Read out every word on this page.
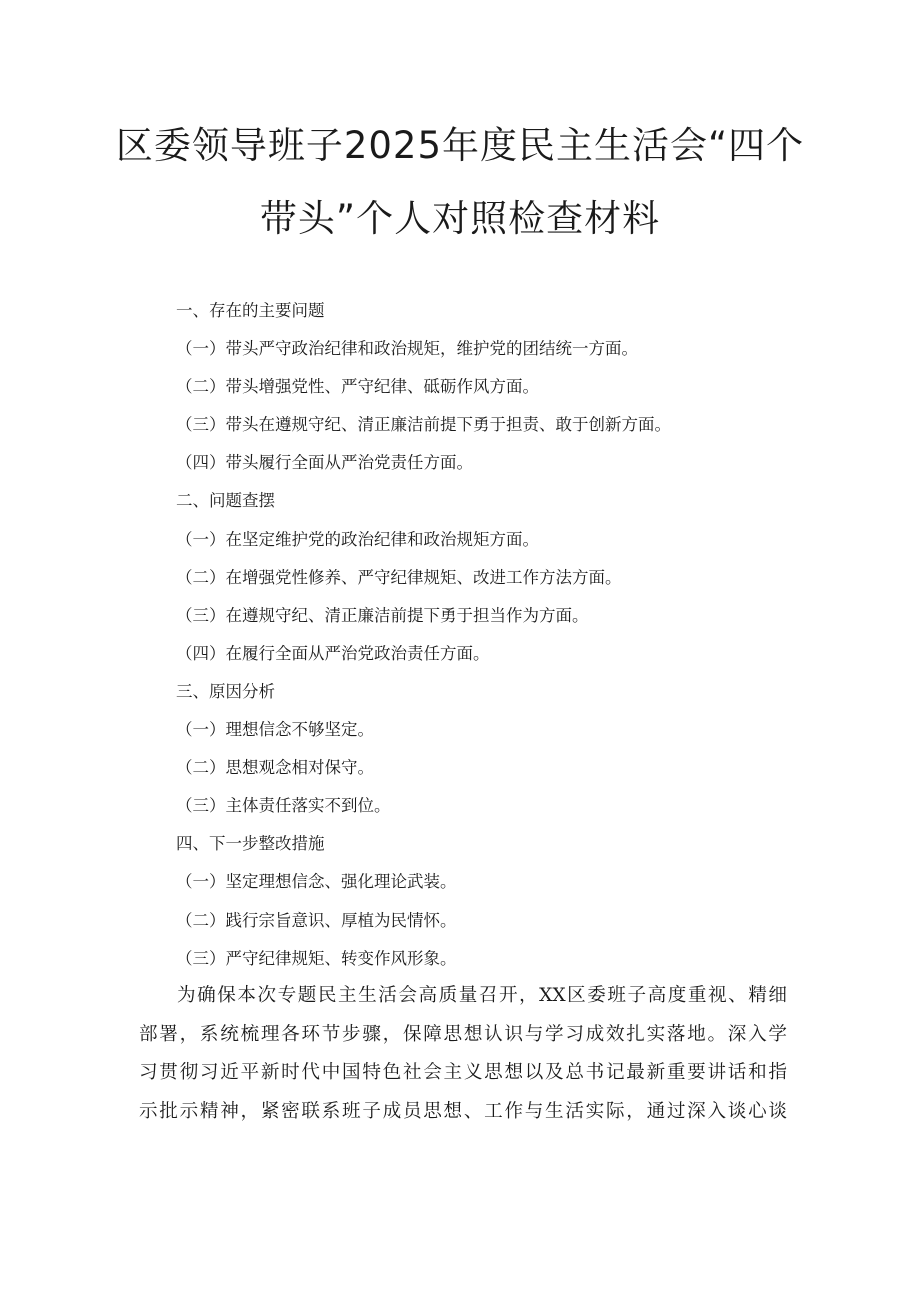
区委领导班子2025年度民主生活会“四个
带头”个人对照检查材料
一、存在的主要问题
（一）带头严守政治纪律和政治规矩，维护党的团结统一方面。
（二）带头增强党性、严守纪律、砥砺作风方面。
（三）带头在遵规守纪、清正廉洁前提下勇于担责、敢于创新方面。
（四）带头履行全面从严治党责任方面。
二、问题查摆
（一）在坚定维护党的政治纪律和政治规矩方面。
（二）在增强党性修养、严守纪律规矩、改进工作方法方面。
（三）在遵规守纪、清正廉洁前提下勇于担当作为方面。
（四）在履行全面从严治党政治责任方面。
三、原因分析
（一）理想信念不够坚定。
（二）思想观念相对保守。
（三）主体责任落实不到位。
四、下一步整改措施
（一）坚定理想信念、强化理论武装。
（二）践行宗旨意识、厚植为民情怀。
（三）严守纪律规矩、转变作风形象。
为确保本次专题民主生活会高质量召开，XX区委班子高度重视、精细
部署，系统梳理各环节步骤，保障思想认识与学习成效扎实落地。深入学
习贯彻习近平新时代中国特色社会主义思想以及总书记最新重要讲话和指
示批示精神，紧密联系班子成员思想、工作与生活实际，通过深入谈心谈
